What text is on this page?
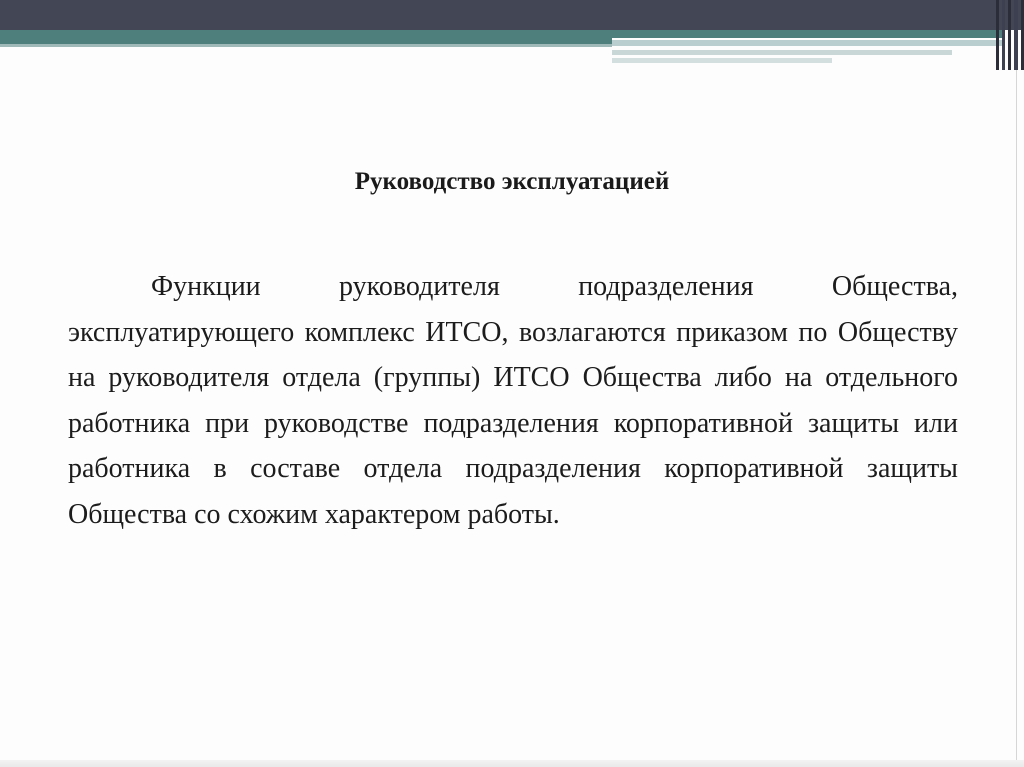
Руководство эксплуатацией

Функции руководителя подразделения Общества, эксплуатирующего комплекс ИТСО, возлагаются приказом по Обществу на руководителя отдела (группы) ИТСО Общества либо на отдельного работника при руководстве подразделения корпоративной защиты или работника в составе отдела подразделения корпоративной защиты Общества со схожим характером работы.
